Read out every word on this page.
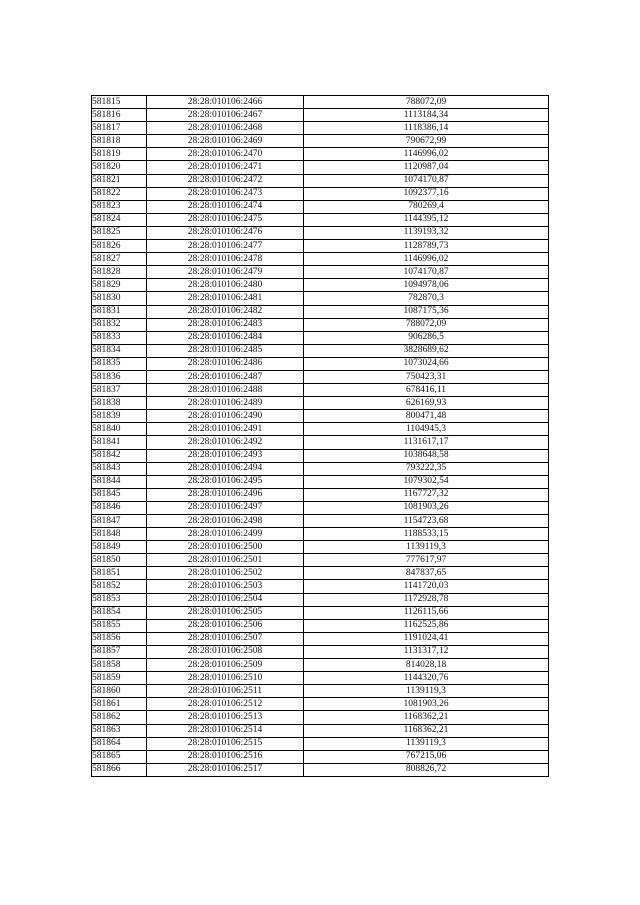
581815	28:28:010106:2466	788072,09
581816	28:28:010106:2467	1113184,34
581817	28:28:010106:2468	1118386,14
581818	28:28:010106:2469	790672,99
581819	28:28:010106:2470	1146996,02
581820	28:28:010106:2471	1120987,04
581821	28:28:010106:2472	1074170,87
581822	28:28:010106:2473	1092377,16
581823	28:28:010106:2474	780269,4
581824	28:28:010106:2475	1144395,12
581825	28:28:010106:2476	1139193,32
581826	28:28:010106:2477	1128789,73
581827	28:28:010106:2478	1146996,02
581828	28:28:010106:2479	1074170,87
581829	28:28:010106:2480	1094978,06
581830	28:28:010106:2481	782870,3
581831	28:28:010106:2482	1087175,36
581832	28:28:010106:2483	788072,09
581833	28:28:010106:2484	906286,5
581834	28:28:010106:2485	3828689,62
581835	28:28:010106:2486	1073024,66
581836	28:28:010106:2487	750423,31
581837	28:28:010106:2488	678416,11
581838	28:28:010106:2489	626169,93
581839	28:28:010106:2490	800471,48
581840	28:28:010106:2491	1104945,3
581841	28:28:010106:2492	1131617,17
581842	28:28:010106:2493	1038648,58
581843	28:28:010106:2494	793222,35
581844	28:28:010106:2495	1079302,54
581845	28:28:010106:2496	1167727,32
581846	28:28:010106:2497	1081903,26
581847	28:28:010106:2498	1154723,68
581848	28:28:010106:2499	1188533,15
581849	28:28:010106:2500	1139119,3
581850	28:28:010106:2501	777617,97
581851	28:28:010106:2502	847837,65
581852	28:28:010106:2503	1141720,03
581853	28:28:010106:2504	1172928,78
581854	28:28:010106:2505	1126115,66
581855	28:28:010106:2506	1162525,86
581856	28:28:010106:2507	1191024,41
581857	28:28:010106:2508	1131317,12
581858	28:28:010106:2509	814028,18
581859	28:28:010106:2510	1144320,76
581860	28:28:010106:2511	1139119,3
581861	28:28:010106:2512	1081903,26
581862	28:28:010106:2513	1168362,21
581863	28:28:010106:2514	1168362,21
581864	28:28:010106:2515	1139119,3
581865	28:28:010106:2516	767215,06
581866	28:28:010106:2517	808826,72
